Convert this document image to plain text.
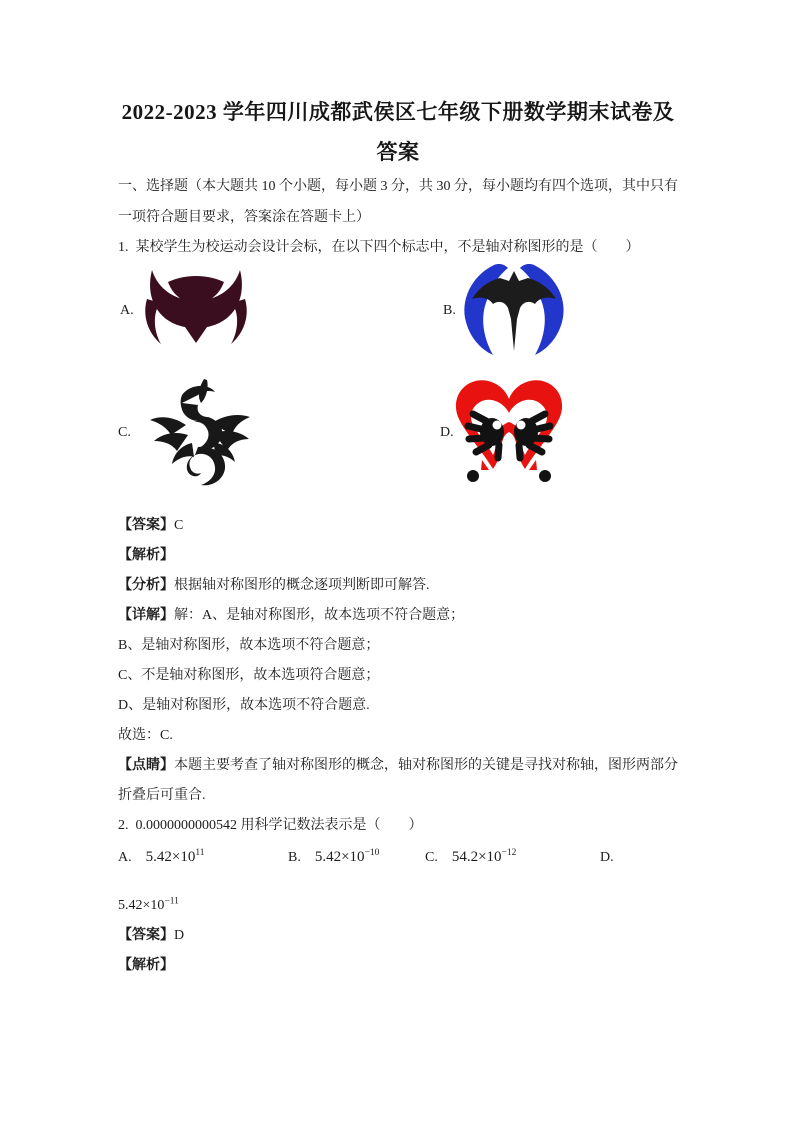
2022-2023 学年四川成都武侯区七年级下册数学期末试卷及
答案

一、选择题（本大题共 10 个小题，每小题 3 分，共 30 分，每小题均有四个选项，其中只有

一项符合题目要求，答案涂在答题卡上）

1.  某校学生为校运动会设计会标，在以下四个标志中，不是轴对称图形的是（        ）

A.	B.
C.	D.

【答案】C

【解析】

【分析】根据轴对称图形的概念逐项判断即可解答.

【详解】解：A、是轴对称图形，故本选项不符合题意；

B、是轴对称图形，故本选项不符合题意；

C、不是轴对称图形，故本选项符合题意；

D、是轴对称图形，故本选项不符合题意.

故选：C.

【点睛】本题主要考查了轴对称图形的概念，轴对称图形的关键是寻找对称轴，图形两部分

折叠后可重合.

2.  0.0000000000542 用科学记数法表示是（        ）

A. $5.42\times 10^{11}$	B. $5.42\times 10^{-10}$	C. $54.2\times 10^{-12}$	D.

$5.42\times 10^{-11}$

【答案】D

【解析】
